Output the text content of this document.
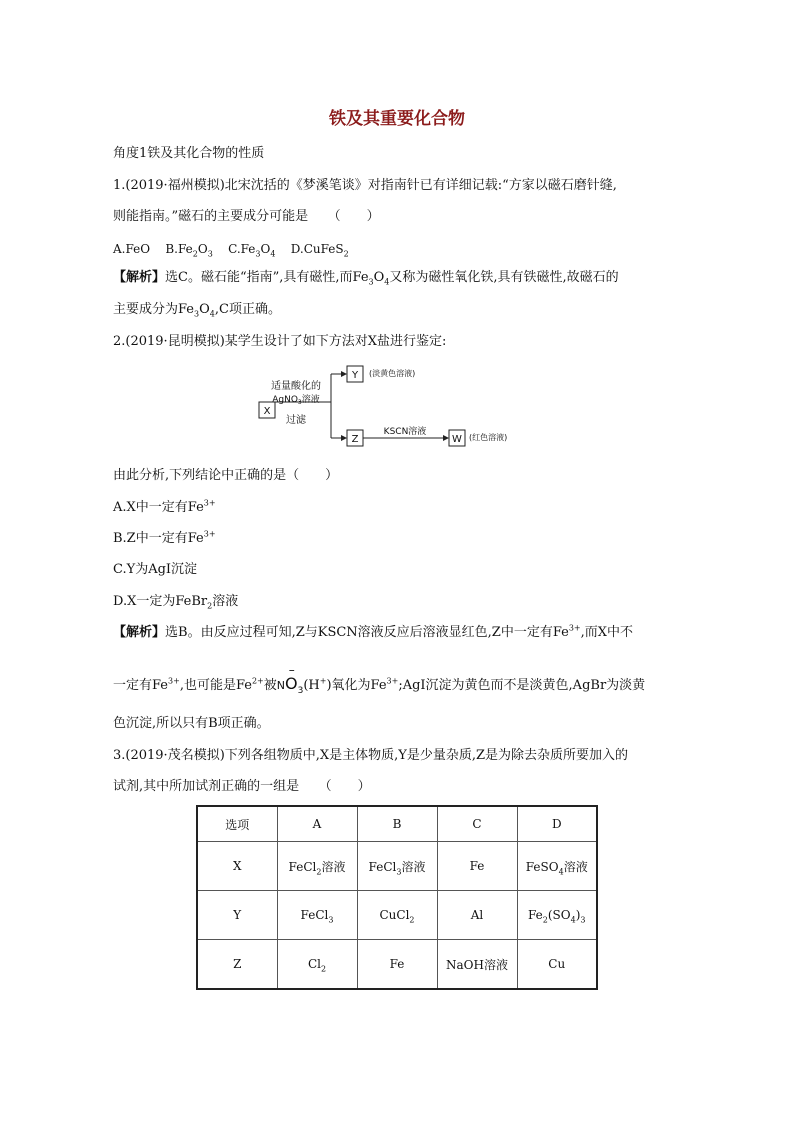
铁及其重要化合物
角度1铁及其化合物的性质
1.(2019·福州模拟)北宋沈括的《梦溪笔谈》对指南针已有详细记载:“方家以磁石磨针缝,
则能指南。”磁石的主要成分可能是　　（　　）
A.FeO $B.Fe_2O_3$ $C.Fe_3O_4$ D.CuFeS$_2$
【解析】选C。磁石能“指南”,具有磁性,而$Fe_3O_4$又称为磁性氧化铁,具有铁磁性,故磁石的
主要成分为$Fe_3O_4,C$项正确。
2.(2019·昆明模拟)某学生设计了如下方法对X盐进行鉴定:
X
适量酸化的
AgNO$_3$溶液
过滤
Y (淡黄色溶液)
Z
KSCN溶液
W (红色溶液)
由此分析,下列结论中正确的是（　　）
A.X中一定有$Fe^{3+}$
B.Z中一定有$Fe^{3+}$
C.Y为AgI沉淀
D.X一定为FeBr$_2$溶液
【解析】选B。由反应过程可知,Z与KSCN溶液反应后溶液显红色,Z中一定有$Fe^{3+}$,而X中不
一定有$Fe^{3+}$,也可能是$Fe^{2+}$被NO
–
$_3$(H+)氧化为$Fe^{3+};AgI$沉淀为黄色而不是淡黄色,AgBr为淡黄
色沉淀,所以只有B项正确。
3.(2019·茂名模拟)下列各组物质中,X是主体物质,Y是少量杂质,Z是为除去杂质所要加入的
试剂,其中所加试剂正确的一组是　　（　　）
选项	A	B	C	D
X	FeCl$_2$溶液	FeCl$_3$溶液	Fe	FeSO$_4$溶液
Y	FeCl$_3$	CuCl$_2$	Al	$Fe_2(SO_4)_3$
Z	$Cl_2$	Fe	NaOH溶液	Cu
